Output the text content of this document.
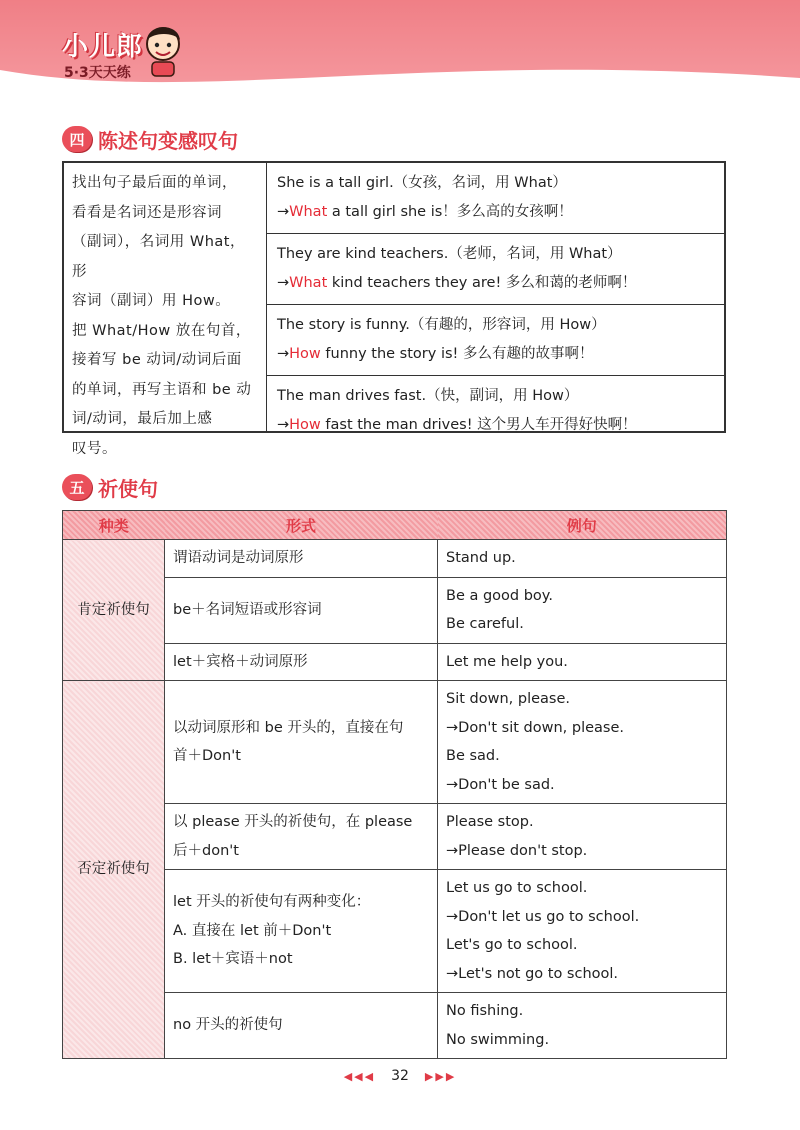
小儿郎
5·3天天练
四 陈述句变感叹句
找出句子最后面的单词，
看看是名词还是形容词
（副词），名词用 What，形
容词（副词）用 How。
把 What/How 放在句首，
接着写 be 动词/动词后面
的单词，再写主语和 be 动
词/动词，最后加上感
叹号。
She is a tall girl.（女孩，名词，用 What）
→What a tall girl she is！多么高的女孩啊！
They are kind teachers.（老师，名词，用 What）
→What kind teachers they are! 多么和蔼的老师啊！
The story is funny.（有趣的，形容词，用 How）
→How funny the story is! 多么有趣的故事啊！
The man drives fast.（快，副词，用 How）
→How fast the man drives! 这个男人车开得好快啊！
五 祈使句
种类	形式	例句
肯定祈使句	谓语动词是动词原形	Stand up.

	be＋名词短语或形容词	Be a good boy.
Be careful.

	let＋宾格＋动词原形	Let me help you.

否定祈使句	以动词原形和 be 开头的，直接在句
首＋Don't	Sit down, please.
→Don't sit down, please.
Be sad.
→Don't be sad.

	以 please 开头的祈使句，在 please
后＋don't	Please stop.
→Please don't stop.

	let 开头的祈使句有两种变化：
A. 直接在 let 前＋Don't
B. let＋宾语＋not	Let us go to school.
→Don't let us go to school.
Let's go to school.
→Let's not go to school.

	no 开头的祈使句	No fishing.
No swimming.
◀◀◀ 32 ▶▶▶
